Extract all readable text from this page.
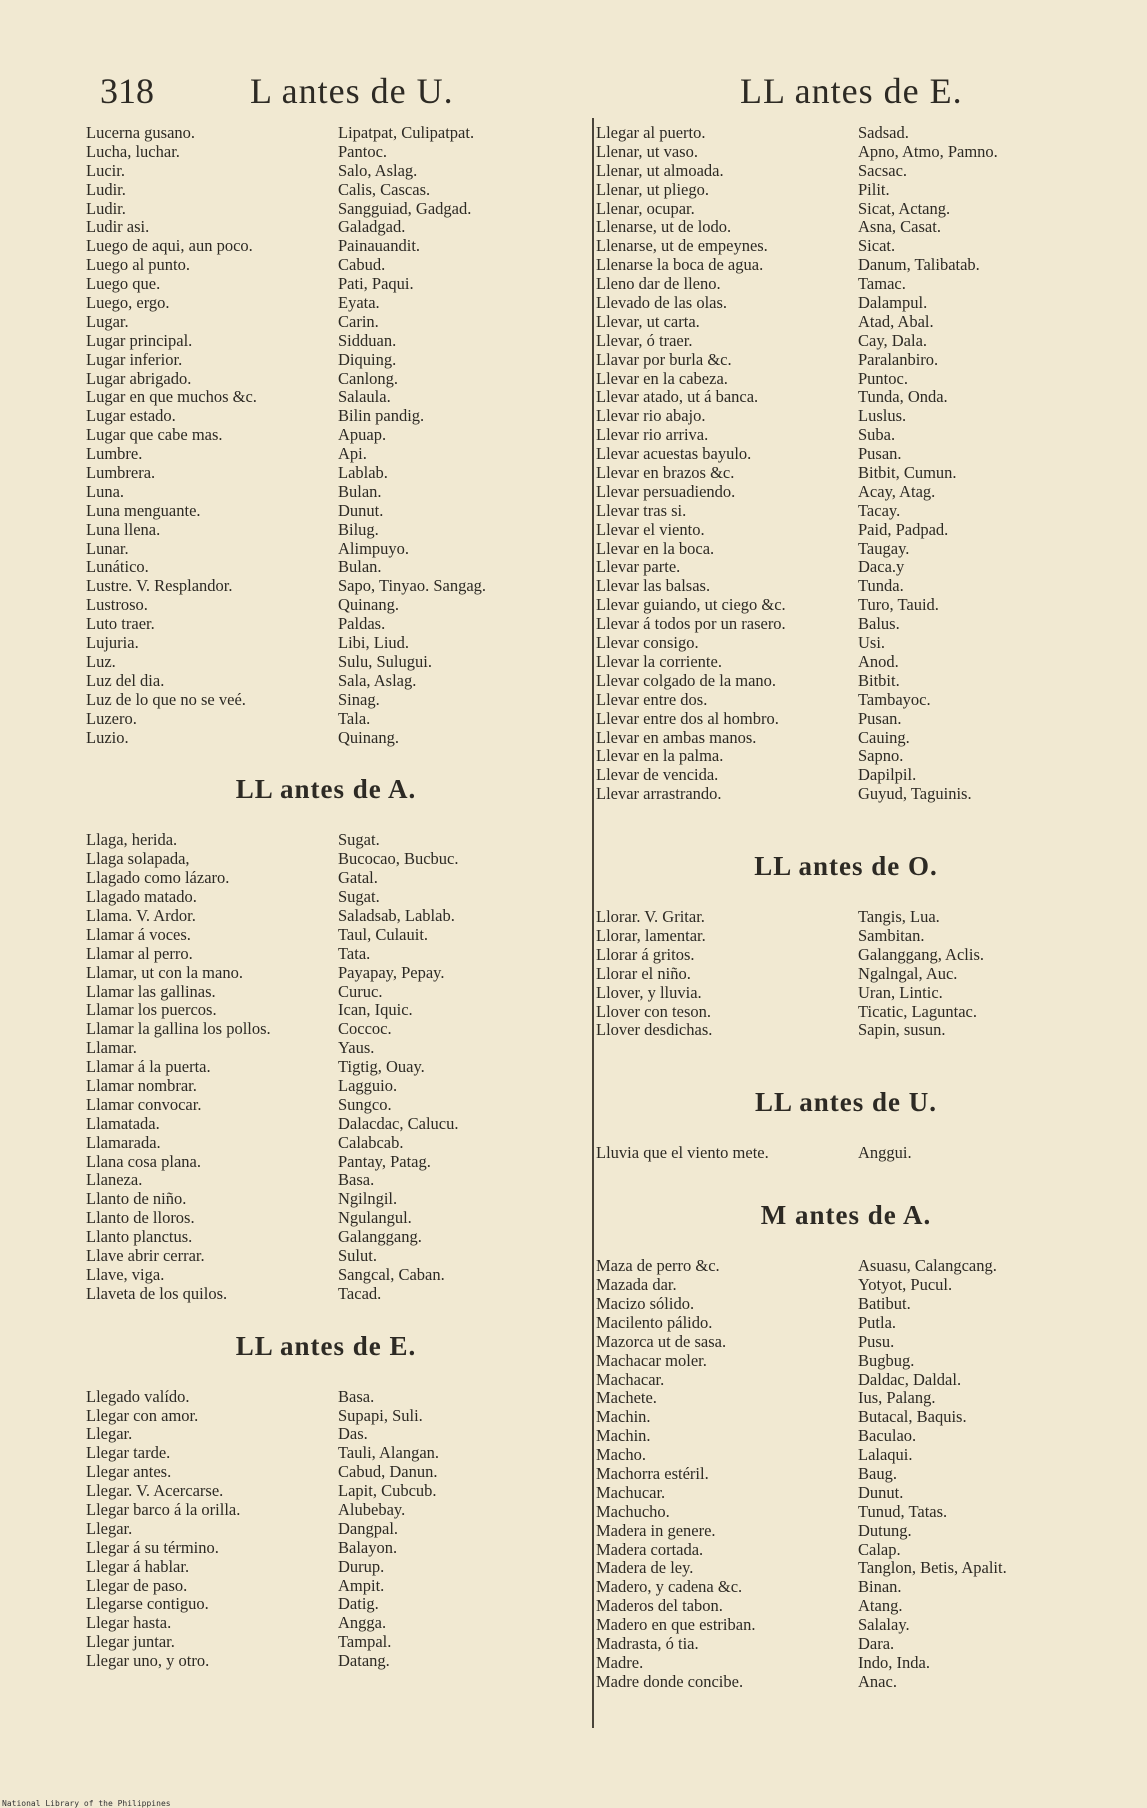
318	L antes de U.	LL antes de E.
Lucerna gusano.	Lipatpat, Culipatpat.
Lucha, luchar.	Pantoc.
Lucir.	Salo, Aslag.
Ludir.	Calis, Cascas.
Ludir.	Sangguiad, Gadgad.
Ludir asi.	Galadgad.
Luego de aqui, aun poco.	Painauandit.
Luego al punto.	Cabud.
Luego que.	Pati, Paqui.
Luego, ergo.	Eyata.
Lugar.	Carin.
Lugar principal.	Sidduan.
Lugar inferior.	Diquing.
Lugar abrigado.	Canlong.
Lugar en que muchos &c.	Salaula.
Lugar estado.	Bilin pandig.
Lugar que cabe mas.	Apuap.
Lumbre.	Api.
Lumbrera.	Lablab.
Luna.	Bulan.
Luna menguante.	Dunut.
Luna llena.	Bilug.
Lunar.	Alimpuyo.
Lunático.	Bulan.
Lustre. V. Resplandor.	Sapo, Tinyao. Sangag.
Lustroso.	Quinang.
Luto traer.	Paldas.
Lujuria.	Libi, Liud.
Luz.	Sulu, Sulugui.
Luz del dia.	Sala, Aslag.
Luz de lo que no se veé.	Sinag.
Luzero.	Tala.
Luzio.	Quinang.
LL antes de A.
Llaga, herida.	Sugat.
Llaga solapada,	Bucocao, Bucbuc.
Llagado como lázaro.	Gatal.
Llagado matado.	Sugat.
Llama. V. Ardor.	Saladsab, Lablab.
Llamar á voces.	Taul, Culauit.
Llamar al perro.	Tata.
Llamar, ut con la mano.	Payapay, Pepay.
Llamar las gallinas.	Curuc.
Llamar los puercos.	Ican, Iquic.
Llamar la gallina los pollos.	Coccoc.
Llamar.	Yaus.
Llamar á la puerta.	Tigtig, Ouay.
Llamar nombrar.	Lagguio.
Llamar convocar.	Sungco.
Llamatada.	Dalacdac, Calucu.
Llamarada.	Calabcab.
Llana cosa plana.	Pantay, Patag.
Llaneza.	Basa.
Llanto de niño.	Ngilngil.
Llanto de lloros.	Ngulangul.
Llanto planctus.	Galanggang.
Llave abrir cerrar.	Sulut.
Llave, viga.	Sangcal, Caban.
Llaveta de los quilos.	Tacad.
LL antes de E.
Llegado valído.	Basa.
Llegar con amor.	Supapi, Suli.
Llegar.	Das.
Llegar tarde.	Tauli, Alangan.
Llegar antes.	Cabud, Danun.
Llegar. V. Acercarse.	Lapit, Cubcub.
Llegar barco á la orilla.	Alubebay.
Llegar.	Dangpal.
Llegar á su término.	Balayon.
Llegar á hablar.	Durup.
Llegar de paso.	Ampit.
Llegarse contiguo.	Datig.
Llegar hasta.	Angga.
Llegar juntar.	Tampal.
Llegar uno, y otro.	Datang.
Llegar al puerto.	Sadsad.
Llenar, ut vaso.	Apno, Atmo, Pamno.
Llenar, ut almoada.	Sacsac.
Llenar, ut pliego.	Pilit.
Llenar, ocupar.	Sicat, Actang.
Llenarse, ut de lodo.	Asna, Casat.
Llenarse, ut de empeynes.	Sicat.
Llenarse la boca de agua.	Danum, Talibatab.
Lleno dar de lleno.	Tamac.
Llevado de las olas.	Dalampul.
Llevar, ut carta.	Atad, Abal.
Llevar, ó traer.	Cay, Dala.
Llavar por burla &c.	Paralanbiro.
Llevar en la cabeza.	Puntoc.
Llevar atado, ut á banca.	Tunda, Onda.
Llevar rio abajo.	Luslus.
Llevar rio arriva.	Suba.
Llevar acuestas bayulo.	Pusan.
Llevar en brazos &c.	Bitbit, Cumun.
Llevar persuadiendo.	Acay, Atag.
Llevar tras si.	Tacay.
Llevar el viento.	Paid, Padpad.
Llevar en la boca.	Taugay.
Llevar parte.	Daca.y
Llevar las balsas.	Tunda.
Llevar guiando, ut ciego &c.	Turo, Tauid.
Llevar á todos por un rasero.	Balus.
Llevar consigo.	Usi.
Llevar la corriente.	Anod.
Llevar colgado de la mano.	Bitbit.
Llevar entre dos.	Tambayoc.
Llevar entre dos al hombro.	Pusan.
Llevar en ambas manos.	Cauing.
Llevar en la palma.	Sapno.
Llevar de vencida.	Dapilpil.
Llevar arrastrando.	Guyud, Taguinis.
LL antes de O.
Llorar. V. Gritar.	Tangis, Lua.
Llorar, lamentar.	Sambitan.
Llorar á gritos.	Galanggang, Aclis.
Llorar el niño.	Ngalngal, Auc.
Llover, y lluvia.	Uran, Lintic.
Llover con teson.	Ticatic, Laguntac.
Llover desdichas.	Sapin, susun.
LL antes de U.
Lluvia que el viento mete.	Anggui.
M antes de A.
Maza de perro &c.	Asuasu, Calangcang.
Mazada dar.	Yotyot, Pucul.
Macizo sólido.	Batibut.
Macilento pálido.	Putla.
Mazorca ut de sasa.	Pusu.
Machacar moler.	Bugbug.
Machacar.	Daldac, Daldal.
Machete.	Ius, Palang.
Machin.	Butacal, Baquis.
Machin.	Baculao.
Macho.	Lalaqui.
Machorra estéril.	Baug.
Machucar.	Dunut.
Machucho.	Tunud, Tatas.
Madera in genere.	Dutung.
Madera cortada.	Calap.
Madera de ley.	Tanglon, Betis, Apalit.
Madero, y cadena &c.	Binan.
Maderos del tabon.	Atang.
Madero en que estriban.	Salalay.
Madrasta, ó tia.	Dara.
Madre.	Indo, Inda.
Madre donde concibe.	Anac.
National Library of the Philippines
